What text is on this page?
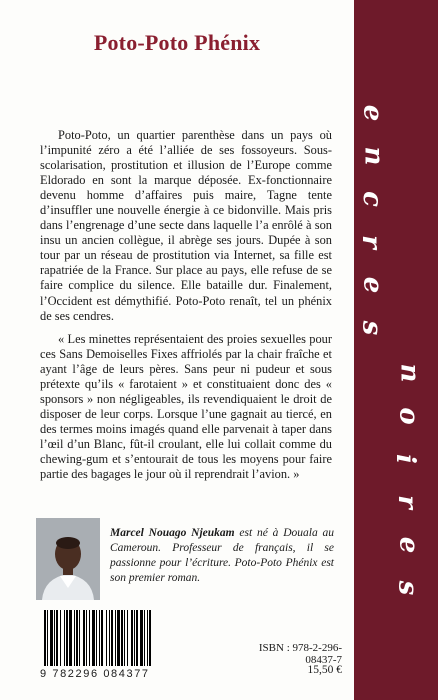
Poto-Poto Phénix
Poto-Poto, un quartier parenthèse dans un pays où l’impunité zéro a été l’alliée de ses fossoyeurs. Sous-scolarisation, prostitution et illusion de l’Europe comme Eldorado en sont la marque déposée. Ex-fonctionnaire devenu homme d’affaires puis maire, Tagne tente d’insuffler une nouvelle énergie à ce bidonville. Mais pris dans l’engrenage d’une secte dans laquelle l’a enrôlé à son insu un ancien collègue, il abrège ses jours. Dupée à son tour par un réseau de prostitution via Internet, sa fille est rapatriée de la France. Sur place au pays, elle refuse de se faire complice du silence. Elle bataille dur. Finalement, l’Occident est démythifié. Poto-Poto renaît, tel un phénix de ses cendres.
« Les minettes représentaient des proies sexuelles pour ces Sans Demoiselles Fixes affriolés par la chair fraîche et ayant l’âge de leurs pères. Sans peur ni pudeur et sous prétexte qu’ils « farotaient » et constituaient donc des « sponsors » non négligeables, ils revendiquaient le droit de disposer de leur corps. Lorsque l’une gagnait au tiercé, en des termes moins imagés quand elle parvenait à taper dans l’œil d’un Blanc, fût-il croulant, elle lui collait comme du chewing-gum et s’entourait de tous les moyens pour faire partie des bagages le jour où il reprendrait l’avion. »
Marcel Nouago Njeukam est né à Douala au Cameroun. Professeur de français, il se passionne pour l’écriture. Poto-Poto Phénix est son premier roman.
9 782296 084377
ISBN : 978-2-296-08437-7
15,50 €
e
n
c
r
e
s
n
o
i
r
e
s
